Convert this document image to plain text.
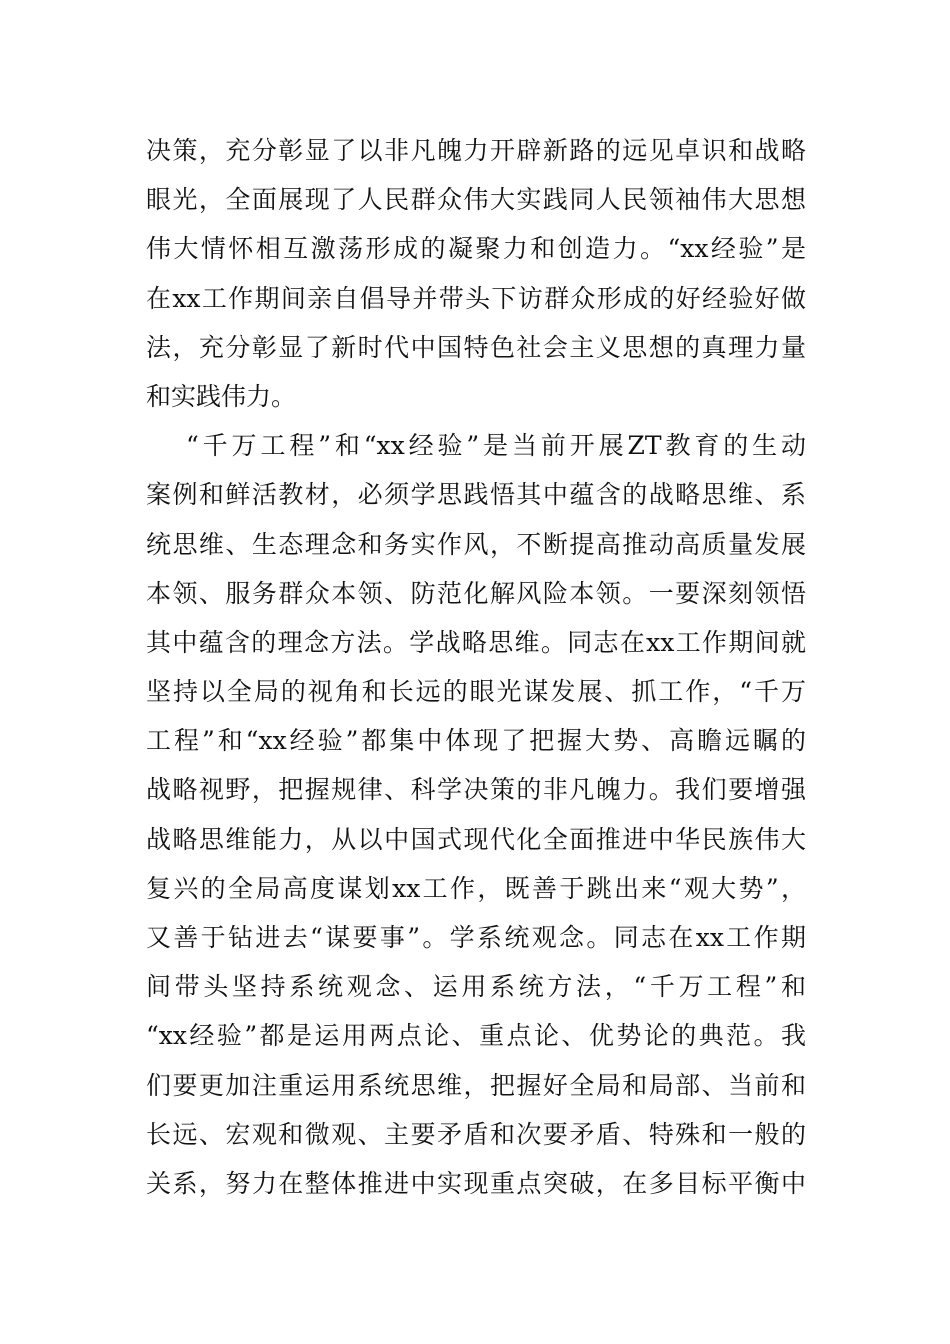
决策，充分彰显了以非凡魄力开辟新路的远见卓识和战略
眼光，全面展现了人民群众伟大实践同人民领袖伟大思想
伟大情怀相互激荡形成的凝聚力和创造力。“xx经验”是
在xx工作期间亲自倡导并带头下访群众形成的好经验好做
法，充分彰显了新时代中国特色社会主义思想的真理力量
和实践伟力。
“千万工程”和“xx经验”是当前开展ZT教育的生动
案例和鲜活教材，必须学思践悟其中蕴含的战略思维、系
统思维、生态理念和务实作风，不断提高推动高质量发展
本领、服务群众本领、防范化解风险本领。一要深刻领悟
其中蕴含的理念方法。学战略思维。同志在xx工作期间就
坚持以全局的视角和长远的眼光谋发展、抓工作，“千万
工程”和“xx经验”都集中体现了把握大势、高瞻远瞩的
战略视野，把握规律、科学决策的非凡魄力。我们要增强
战略思维能力，从以中国式现代化全面推进中华民族伟大
复兴的全局高度谋划xx工作，既善于跳出来“观大势”，
又善于钻进去“谋要事”。学系统观念。同志在xx工作期
间带头坚持系统观念、运用系统方法，“千万工程”和
“xx经验”都是运用两点论、重点论、优势论的典范。我
们要更加注重运用系统思维，把握好全局和局部、当前和
长远、宏观和微观、主要矛盾和次要矛盾、特殊和一般的
关系，努力在整体推进中实现重点突破，在多目标平衡中
